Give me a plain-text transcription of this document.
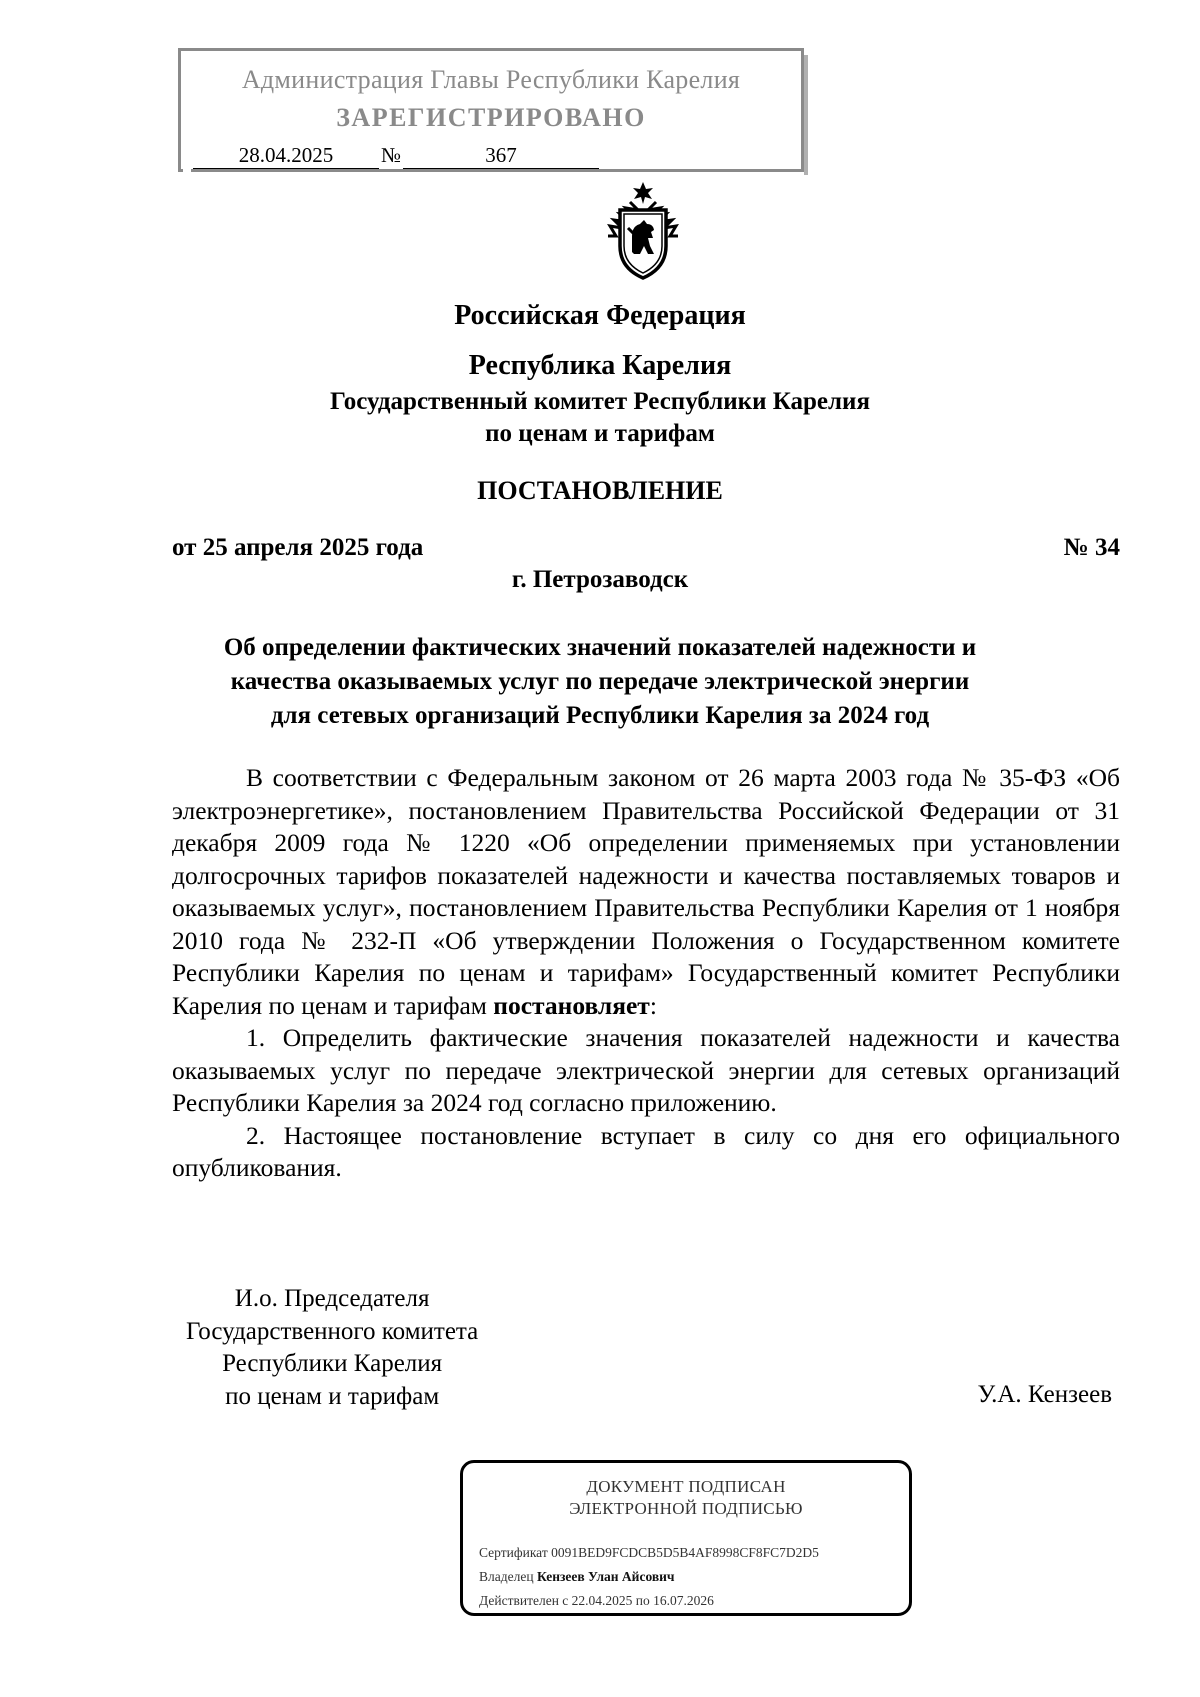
Администрация Главы Республики Карелия
ЗАРЕГИСТРИРОВАНО
28.04.2025 №	367
Российская Федерация
Республика Карелия
Государственный комитет Республики Карелия
по ценам и тарифам
ПОСТАНОВЛЕНИЕ
от 25 апреля 2025 года	№ 34
г. Петрозаводск
Об определении фактических значений показателей надежности и
качества оказываемых услуг по передаче электрической энергии
для сетевых организаций Республики Карелия за 2024 год

В соответствии с Федеральным законом от 26 марта 2003 года № 35-ФЗ «Об электроэнергетике», постановлением Правительства Российской Федерации от 31 декабря 2009 года № 1220 «Об определении применяемых при установлении долгосрочных тарифов показателей надежности и качества поставляемых товаров и оказываемых услуг», постановлением Правительства Республики Карелия от 1 ноября 2010 года № 232-П «Об утверждении Положения о Государственном комитете Республики Карелия по ценам и тарифам» Государственный комитет Республики Карелия по ценам и тарифам постановляет:

1. Определить фактические значения показателей надежности и качества оказываемых услуг по передаче электрической энергии для сетевых организаций Республики Карелия за 2024 год согласно приложению.

2. Настоящее постановление вступает в силу со дня его официального опубликования.

И.о. Председателя
Государственного комитета
Республики Карелия
по ценам и тарифам	У.А. Кензеев
ДОКУМЕНТ ПОДПИСАН
ЭЛЕКТРОННОЙ ПОДПИСЬЮ
Сертификат 0091BED9FCDCB5D5B4AF8998CF8FC7D2D5
Владелец Кензеев Улан Айсович
Действителен с 22.04.2025 по 16.07.2026
